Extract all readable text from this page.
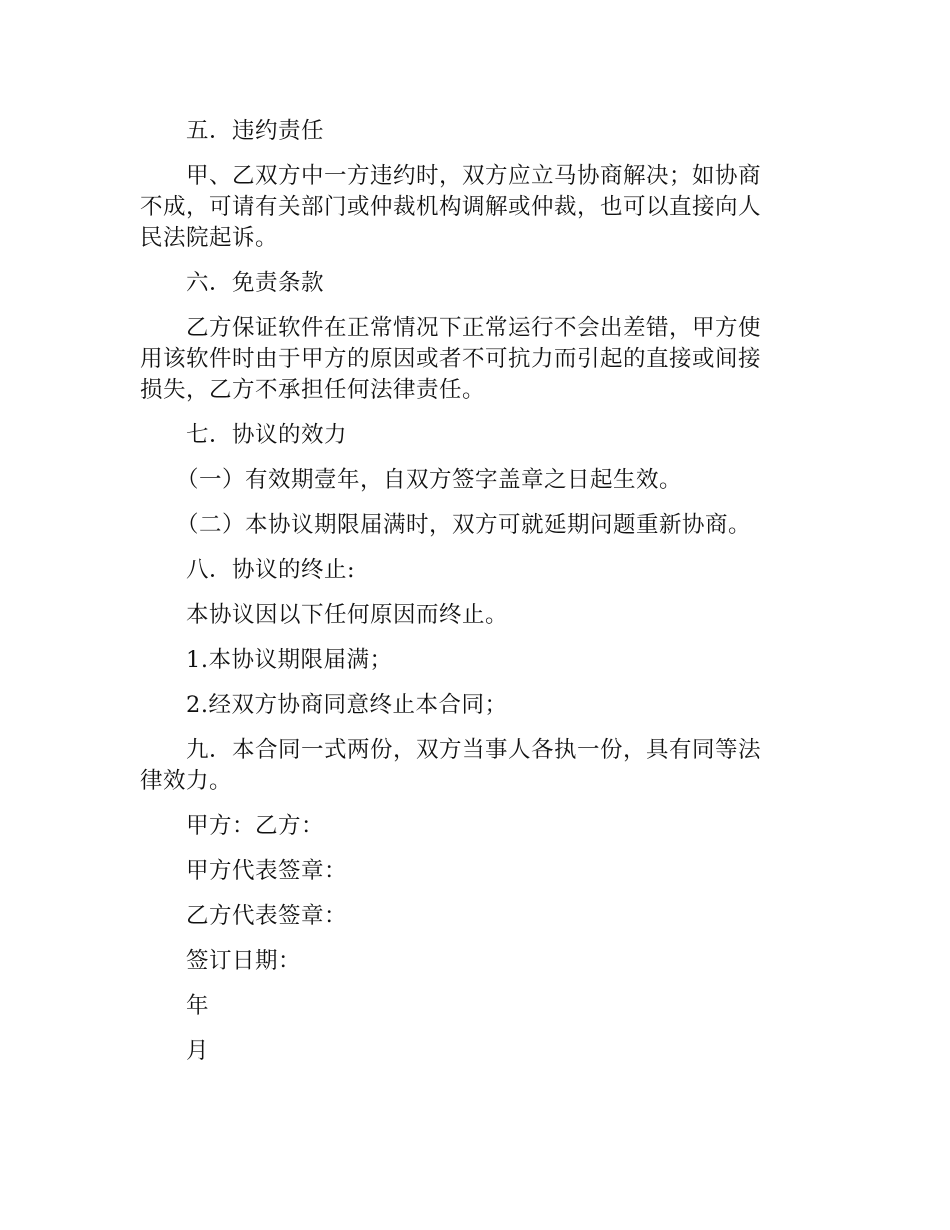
五．违约责任

甲、乙双方中一方违约时，双方应立马协商解决；如协商
不成，可请有关部门或仲裁机构调解或仲裁，也可以直接向人
民法院起诉。

六．免责条款

乙方保证软件在正常情况下正常运行不会出差错，甲方使
用该软件时由于甲方的原因或者不可抗力而引起的直接或间接
损失，乙方不承担任何法律责任。

七．协议的效力

（一）有效期壹年，自双方签字盖章之日起生效。

（二）本协议期限届满时，双方可就延期问题重新协商。

八．协议的终止:

本协议因以下任何原因而终止。

1.本协议期限届满；

2.经双方协商同意终止本合同；

九．本合同一式两份，双方当事人各执一份，具有同等法
律效力。

甲方：乙方：

甲方代表签章：

乙方代表签章：

签订日期：

年

月
